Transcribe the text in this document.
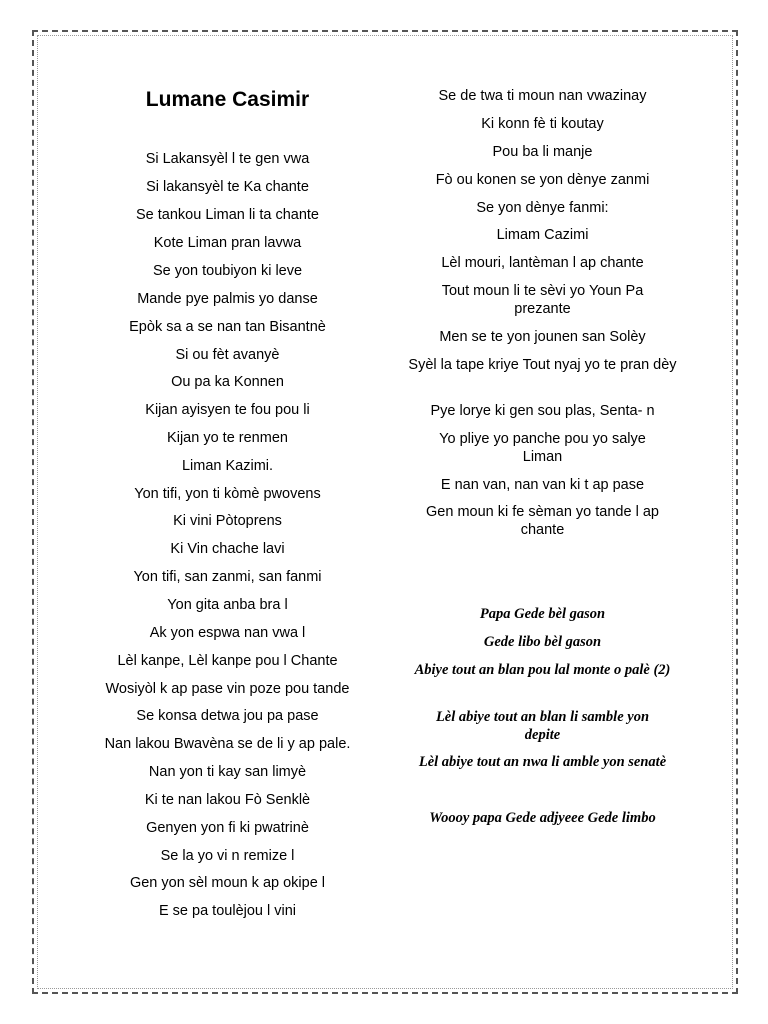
Lumane Casimir

Si Lakansyèl l te gen vwa

Si lakansyèl te Ka chante

Se tankou Liman li ta chante

Kote Liman pran lavwa

Se yon toubiyon ki leve

Mande pye palmis yo danse

Epòk sa a se nan tan Bisantnè

Si ou fèt avanyè

Ou pa ka Konnen

Kijan ayisyen te fou pou li

Kijan yo te renmen

Liman Kazimi.

Yon tifi, yon ti kòmè pwovens

Ki vini Pòtoprens

Ki Vin chache lavi

Yon tifi, san zanmi, san fanmi

Yon gita anba bra l

Ak yon espwa nan vwa l

Lèl kanpe, Lèl kanpe pou l Chante

Wosiyòl k ap pase vin poze pou tande

Se konsa detwa jou pa pase

Nan lakou Bwavèna se de li y ap pale.

Nan yon ti kay san limyè

Ki te nan lakou Fò Senklè

Genyen yon fi ki pwatrinè

Se la yo vi n remize l

Gen yon sèl moun k ap okipe l

E se pa toulèjou l vini

Se de twa ti moun nan vwazinay

Ki konn fè ti koutay

Pou ba li manje

Fò ou konen se yon dènye zanmi

Se yon dènye fanmi:

Limam Cazimi

Lèl mouri, lantèman l ap chante

Tout moun li te sèvi yo Youn Pa prezante

Men se te yon jounen san Solèy

Syèl la tape kriye Tout nyaj yo te pran dèy

Pye lorye ki gen sou plas, Senta- n

Yo pliye yo panche pou yo salye Liman

E nan van, nan van ki t ap pase

Gen moun ki fe sèman yo tande l ap chante

Papa Gede bèl gason

Gede libo bèl gason

Abiye tout an blan pou lal monte o palè (2)

Lèl abiye tout an blan li samble yon depite

Lèl abiye tout an nwa li amble yon senatè

Woooy papa Gede adjyeee Gede limbo
